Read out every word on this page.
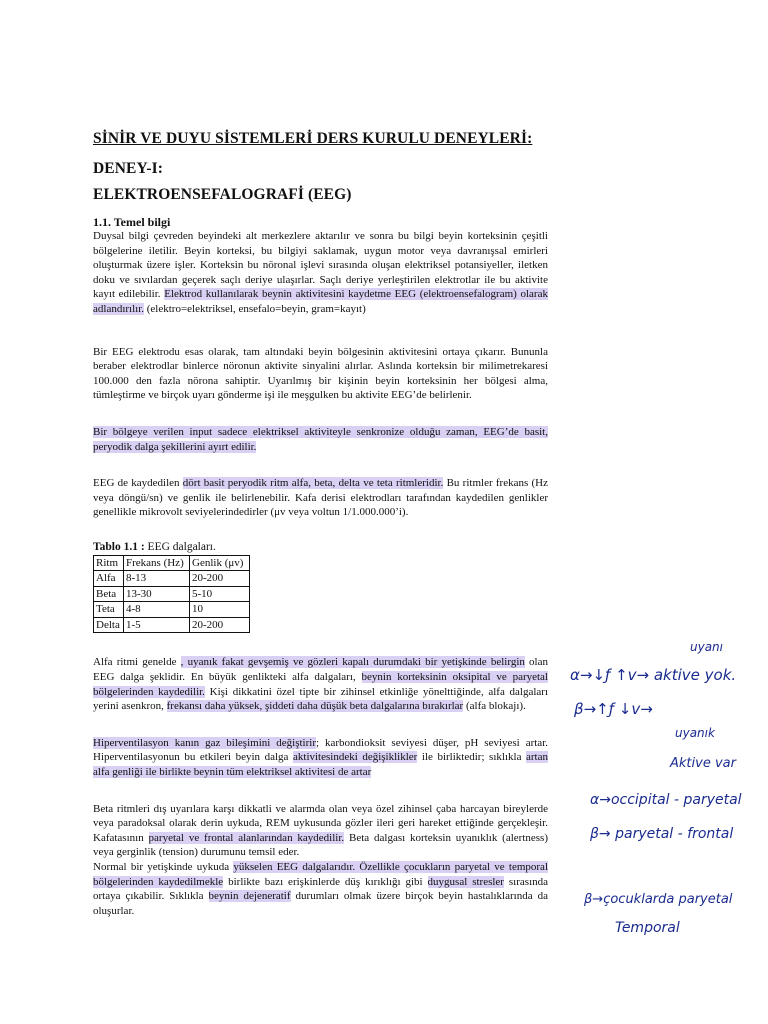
SİNİR VE DUYU SİSTEMLERİ DERS KURULU DENEYLERİ:
DENEY-I:
ELEKTROENSEFALOGRAFİ (EEG)
1.1. Temel bilgi

Duysal bilgi çevreden beyindeki alt merkezlere aktarılır ve sonra bu bilgi beyin korteksinin çeşitli bölgelerine iletilir. Beyin korteksi, bu bilgiyi saklamak, uygun motor veya davranışsal emirleri oluşturmak üzere işler. Korteksin bu nöronal işlevi sırasında oluşan elektriksel potansiyeller, iletken doku ve sıvılardan geçerek saçlı deriye ulaşırlar. Saçlı deriye yerleştirilen elektrotlar ile bu aktivite kayıt edilebilir. Elektrod kullanılarak beynin aktivitesini kaydetme EEG (elektroensefalogram) olarak adlandırılır. (elektro=elektriksel, ensefalo=beyin, gram=kayıt)

Bir EEG elektrodu esas olarak, tam altındaki beyin bölgesinin aktivitesini ortaya çıkarır. Bununla beraber elektrodlar binlerce nöronun aktivite sinyalini alırlar. Aslında korteksin bir milimetrekaresi 100.000 den fazla nörona sahiptir. Uyarılmış bir kişinin beyin korteksinin her bölgesi alma, tümleştirme ve birçok uyarı gönderme işi ile meşgulken bu aktivite EEG’de belirlenir.

Bir bölgeye verilen input sadece elektriksel aktiviteyle senkronize olduğu zaman, EEG’de basit, peryodik dalga şekillerini ayırt edilir.

EEG de kaydedilen dört basit peryodik ritm alfa, beta, delta ve teta ritmleridir. Bu ritmler frekans (Hz veya döngü/sn) ve genlik ile belirlenebilir. Kafa derisi elektrodları tarafından kaydedilen genlikler genellikle mikrovolt seviyelerindedirler (μv veya voltun 1/1.000.000’i).

Tablo 1.1 : EEG dalgaları.
Ritm	Frekans (Hz)	Genlik (μv)
Alfa	8-13	20-200
Beta	13-30	5-10
Teta	4-8	10
Delta	1-5	20-200

Alfa ritmi genelde , uyanık fakat gevşemiş ve gözleri kapalı durumdaki bir yetişkinde belirgin olan EEG dalga şeklidir. En büyük genlikteki alfa dalgaları, beynin korteksinin oksipital ve paryetal bölgelerinden kaydedilir. Kişi dikkatini özel tipte bir zihinsel etkinliğe yönelttiğinde, alfa dalgaları yerini asenkron, frekansı daha yüksek, şiddeti daha düşük beta dalgalarına bırakırlar (alfa blokajı).

Hiperventilasyon kanın gaz bileşimini değiştirir; karbondioksit seviyesi düşer, pH seviyesi artar. Hiperventilasyonun bu etkileri beyin dalga aktivitesindeki değişiklikler ile birliktedir; sıklıkla artan alfa genliği ile birlikte beynin tüm elektriksel aktivitesi de artar

Beta ritmleri dış uyarılara karşı dikkatli ve alarmda olan veya özel zihinsel çaba harcayan bireylerde veya paradoksal olarak derin uykuda, REM uykusunda gözler ileri geri hareket ettiğinde gerçekleşir. Kafatasının paryetal ve frontal alanlarından kaydedilir. Beta dalgası korteksin uyanıklık (alertness) veya gerginlik (tension) durumunu temsil eder.

Normal bir yetişkinde uykuda yükselen EEG dalgalarıdır. Özellikle çocukların paryetal ve temporal bölgelerinden kaydedilmekle birlikte bazı erişkinlerde düş kırıklığı gibi duygusal stresler sırasında ortaya çıkabilir. Sıklıkla beynin dejeneratif durumları olmak üzere birçok beyin hastalıklarında da oluşurlar.

uyanı
α→↓ƒ ↑v→ aktive yok.
β→↑ƒ ↓v→
uyanık
Aktive var
α→occipital - paryetal
β→ paryetal - frontal
β→çocuklarda paryetal
Temporal
